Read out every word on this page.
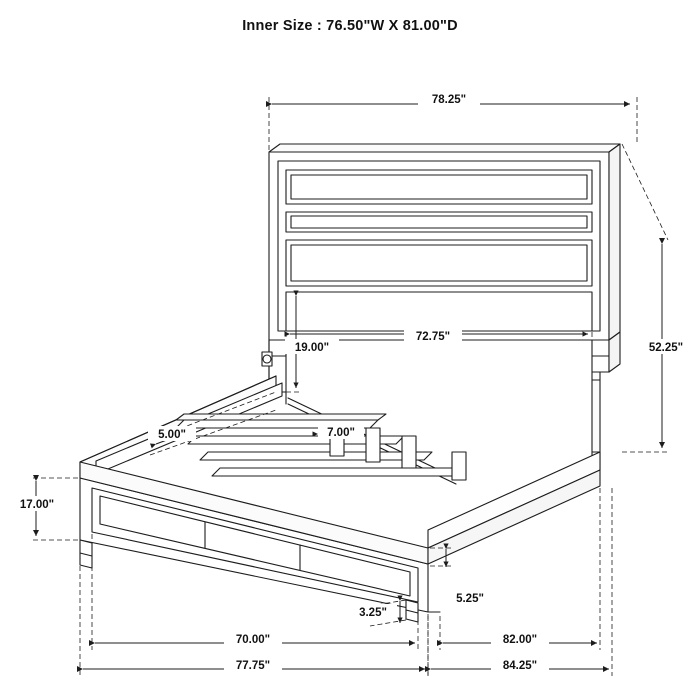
Inner Size : 76.50"W X 81.00"D
78.25"
52.25"
17.00"
70.00"
77.75"
82.00"
84.25"
3.25"
5.25"
19.00"
5.00"
72.75"
7.00"
